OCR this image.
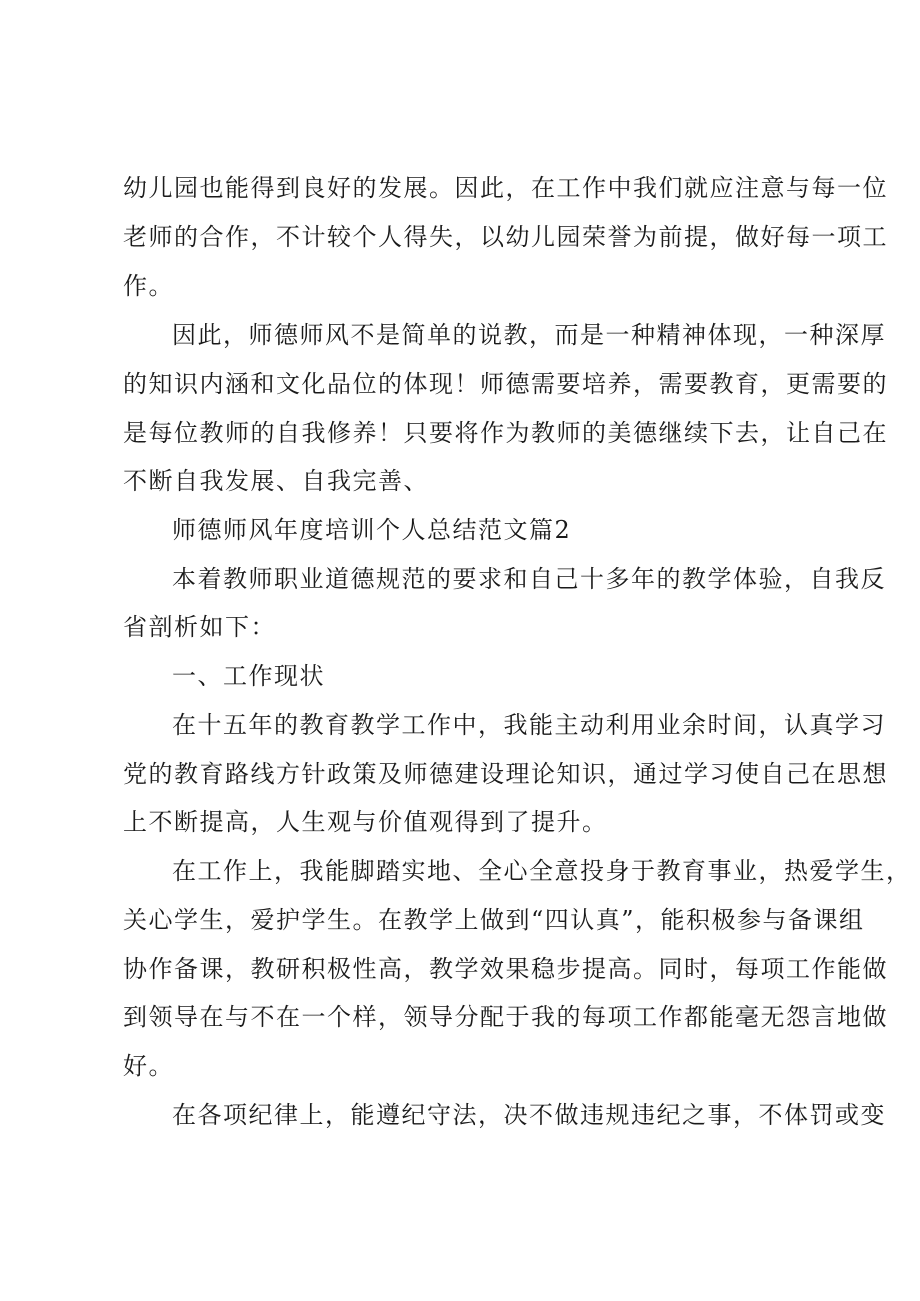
幼儿园也能得到良好的发展。因此，在工作中我们就应注意与每一位
老师的合作，不计较个人得失，以幼儿园荣誉为前提，做好每一项工
作。
因此，师德师风不是简单的说教，而是一种精神体现，一种深厚
的知识内涵和文化品位的体现！师德需要培养，需要教育，更需要的
是每位教师的自我修养！只要将作为教师的美德继续下去，让自己在
不断自我发展、自我完善、
师德师风年度培训个人总结范文篇2
本着教师职业道德规范的要求和自己十多年的教学体验，自我反
省剖析如下：
一、工作现状
在十五年的教育教学工作中，我能主动利用业余时间，认真学习
党的教育路线方针政策及师德建设理论知识，通过学习使自己在思想
上不断提高，人生观与价值观得到了提升。
在工作上，我能脚踏实地、全心全意投身于教育事业，热爱学生，
关心学生，爱护学生。在教学上做到“四认真”，能积极参与备课组
协作备课，教研积极性高，教学效果稳步提高。同时，每项工作能做
到领导在与不在一个样，领导分配于我的每项工作都能毫无怨言地做
好。
在各项纪律上，能遵纪守法，决不做违规违纪之事，不体罚或变
